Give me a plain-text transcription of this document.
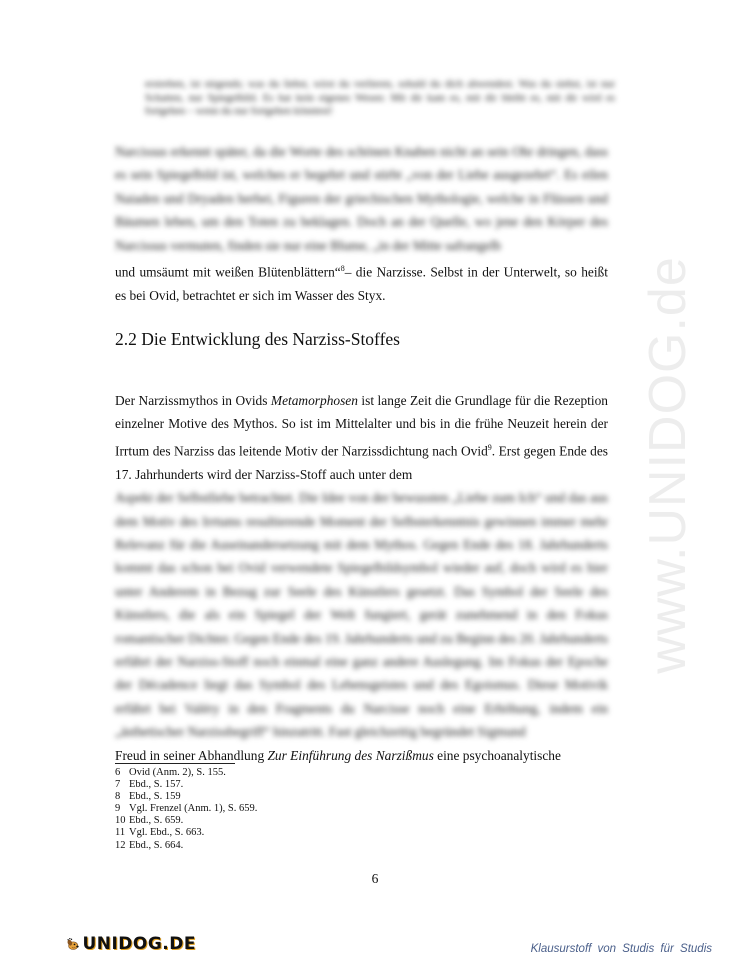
www.UNIDOG.de
erstreben, ist nirgends; was du liebst, wirst du verlieren, sobald du dich abwendest. Was du siehst, ist nur Schatten, nur Spiegelbild. Es hat kein eigenes Wesen: Mit dir kam es, mit dir bleibt es, mit dir wird es fortgehen – wenn du nur fortgehen könntest!

Narcissus erkennt später, da die Worte des schönen Knaben nicht an sein Ohr dringen, dass es sein Spiegelbild ist, welches er begehrt und stirbt „von der Liebe ausgezehrt“. Es eilen Naiaden und Dryaden herbei, Figuren der griechischen Mythologie, welche in Flüssen und Bäumen leben, um den Toten zu beklagen. Doch an der Quelle, wo jene den Körper des Narcissus vermuten, finden sie nur eine Blume, „in der Mitte safrangelb

und umsäumt mit weißen Blütenblättern“$^8$– die Narzisse. Selbst in der Unterwelt, so heißt es bei Ovid, betrachtet er sich im Wasser des Styx.

2.2 Die Entwicklung des Narziss-Stoffes

Der Narzissmythos in Ovids Metamorphosen ist lange Zeit die Grundlage für die Rezeption einzelner Motive des Mythos. So ist im Mittelalter und bis in die frühe Neuzeit herein der Irrtum des Narziss das leitende Motiv der Narzissdichtung nach Ovid$^9$. Erst gegen Ende des 17. Jahrhunderts wird der Narziss-Stoff auch unter dem

Aspekt der Selbstliebe betrachtet. Die Idee von der bewussten „Liebe zum Ich“ und das aus dem Motiv des Irrtums resultierende Moment der Selbsterkenntnis gewinnen immer mehr Relevanz für die Auseinandersetzung mit dem Mythos. Gegen Ende des 18. Jahrhunderts kommt das schon bei Ovid verwendete Spiegelbildsymbol wieder auf, doch wird es hier unter Anderem in Bezug zur Seele des Künstlers gesetzt. Das Symbol der Seele des Künstlers, die als ein Spiegel der Welt fungiert, gerät zunehmend in den Fokus romantischer Dichter. Gegen Ende des 19. Jahrhunderts und zu Beginn des 20. Jahrhunderts erfährt der Narziss-Stoff noch einmal eine ganz andere Auslegung. Im Fokus der Epoche der Décadence liegt das Symbol des Lebensgeistes und des Egoismus. Diese Motivik erfährt bei Valéry in den Fragments du Narcisse noch eine Erhöhung, indem ein „ästhetischer Narzissbegriff“ hinzutritt. Fast gleichzeitig begründet Sigmund

Freud in seiner Abhandlung Zur Einführung des Narzißmus eine psychoanalytische

6 Ovid (Anm. 2), S. 155.
7 Ebd., S. 157.
8 Ebd., S. 159
9 Vgl. Frenzel (Anm. 1), S. 659.
10 Ebd., S. 659.
11 Vgl. Ebd., S. 663.
12 Ebd., S. 664.
6
UNIDOG.DE	Klausurstoff von Studis für Studis
